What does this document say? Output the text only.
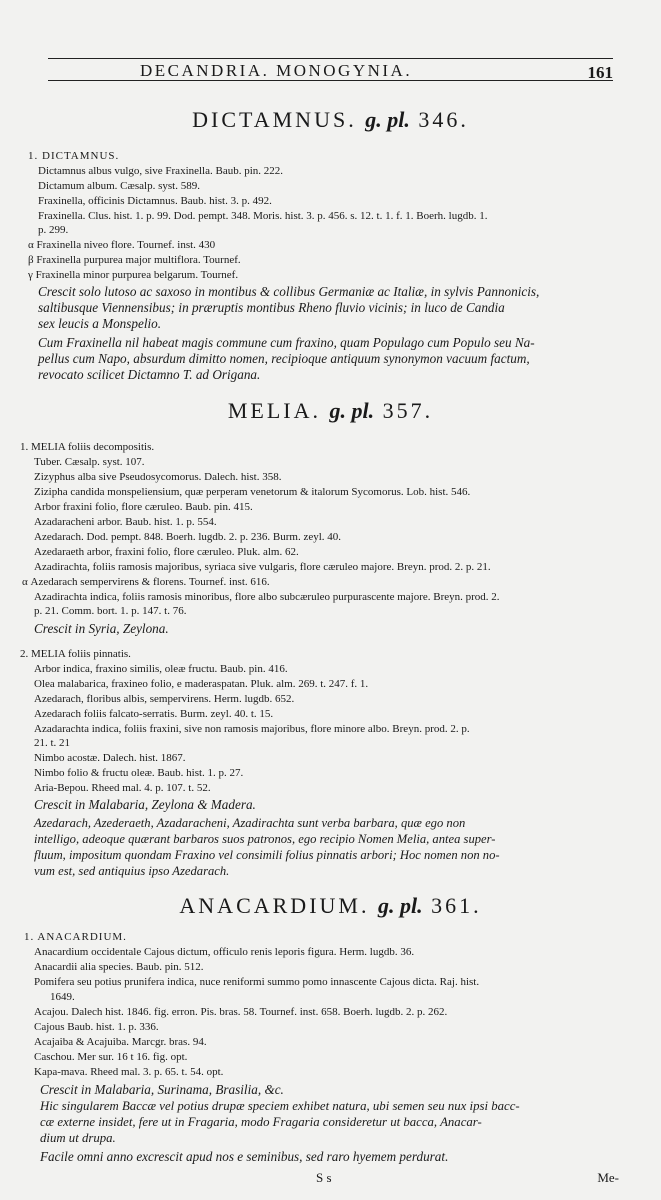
DECANDRIA. MONOGYNIA.	161
DICTAMNUS. g. pl. 346.
1. DICTAMNUS.
Dictamnus albus vulgo, sive Fraxinella. Baub. pin. 222.
Dictamum album. Cæsalp. syst. 589.
Fraxinella, officinis Dictamnus. Baub. hist. 3. p. 492.
Fraxinella. Clus. hist. 1. p. 99. Dod. pempt. 348. Moris. hist. 3. p. 456. s. 12. t. 1. f. 1. Boerh. lugdb. 1.
p. 299.
α Fraxinella niveo flore. Tournef. inst. 430
β Fraxinella purpurea major multiflora. Tournef.
γ Fraxinella minor purpurea belgarum. Tournef.
Crescit solo lutoso ac saxoso in montibus & collibus Germaniæ ac Italiæ, in sylvis Pannonicis,
saltibusque Viennensibus; in præruptis montibus Rheno fluvio vicinis; in luco de Candia
sex leucis a Monspelio.
Cum Fraxinella nil habeat magis commune cum fraxino, quam Populago cum Populo seu Na-
pellus cum Napo, absurdum dimitto nomen, recipioque antiquum synonymon vacuum factum,
revocato scilicet Dictamno T. ad Origana.
MELIA. g. pl. 357.
1. MELIA foliis decompositis.
Tuber. Cæsalp. syst. 107.
Zizyphus alba sive Pseudosycomorus. Dalech. hist. 358.
Zizipha candida monspeliensium, quæ perperam venetorum & italorum Sycomorus. Lob. hist. 546.
Arbor fraxini folio, flore cæruleo. Baub. pin. 415.
Azadaracheni arbor. Baub. hist. 1. p. 554.
Azedarach. Dod. pempt. 848. Boerh. lugdb. 2. p. 236. Burm. zeyl. 40.
Azedaraeth arbor, fraxini folio, flore cæruleo. Pluk. alm. 62.
Azadirachta, foliis ramosis majoribus, syriaca sive vulgaris, flore cæruleo majore. Breyn. prod. 2. p. 21.
α Azedarach sempervirens & florens. Tournef. inst. 616.
Azadirachta indica, foliis ramosis minoribus, flore albo subcæruleo purpurascente majore. Breyn. prod. 2.
p. 21. Comm. bort. 1. p. 147. t. 76.
Crescit in Syria, Zeylona.
2. MELIA foliis pinnatis.
Arbor indica, fraxino similis, oleæ fructu. Baub. pin. 416.
Olea malabarica, fraxineo folio, e maderaspatan. Pluk. alm. 269. t. 247. f. 1.
Azedarach, floribus albis, sempervirens. Herm. lugdb. 652.
Azedarach foliis falcato-serratis. Burm. zeyl. 40. t. 15.
Azadarachta indica, foliis fraxini, sive non ramosis majoribus, flore minore albo. Breyn. prod. 2. p.
21. t. 21
Nimbo acostæ. Dalech. hist. 1867.
Nimbo folio & fructu oleæ. Baub. hist. 1. p. 27.
Aria-Bepou. Rheed mal. 4. p. 107. t. 52.
Crescit in Malabaria, Zeylona & Madera.
Azedarach, Azederaeth, Azadaracheni, Azadirachta sunt verba barbara, quæ ego non
intelligo, adeoque quærant barbaros suos patronos, ego recipio Nomen Melia, antea super-
fluum, impositum quondam Fraxino vel consimili folius pinnatis arbori; Hoc nomen non no-
vum est, sed antiquius ipso Azedarach.
ANACARDIUM. g. pl. 361.
1. ANACARDIUM.
Anacardium occidentale Cajous dictum, officulo renis leporis figura. Herm. lugdb. 36.
Anacardii alia species. Baub. pin. 512.
Pomifera seu potius prunifera indica, nuce reniformi summo pomo innascente Cajous dicta. Raj. hist.
1649.
Acajou. Dalech hist. 1846. fig. erron. Pis. bras. 58. Tournef. inst. 658. Boerh. lugdb. 2. p. 262.
Cajous Baub. hist. 1. p. 336.
Acajaiba & Acajuiba. Marcgr. bras. 94.
Caschou. Mer sur. 16 t 16. fig. opt.
Kapa-mava. Rheed mal. 3. p. 65. t. 54. opt.
Crescit in Malabaria, Surinama, Brasilia, &c.
Hic singularem Baccæ vel potius drupæ speciem exhibet natura, ubi semen seu nux ipsi bacc-
cæ externe insidet, fere ut in Fragaria, modo Fragaria consideretur ut bacca, Anacar-
dium ut drupa.
Facile omni anno excrescit apud nos e seminibus, sed raro hyemem perdurat.
S s	Me-
